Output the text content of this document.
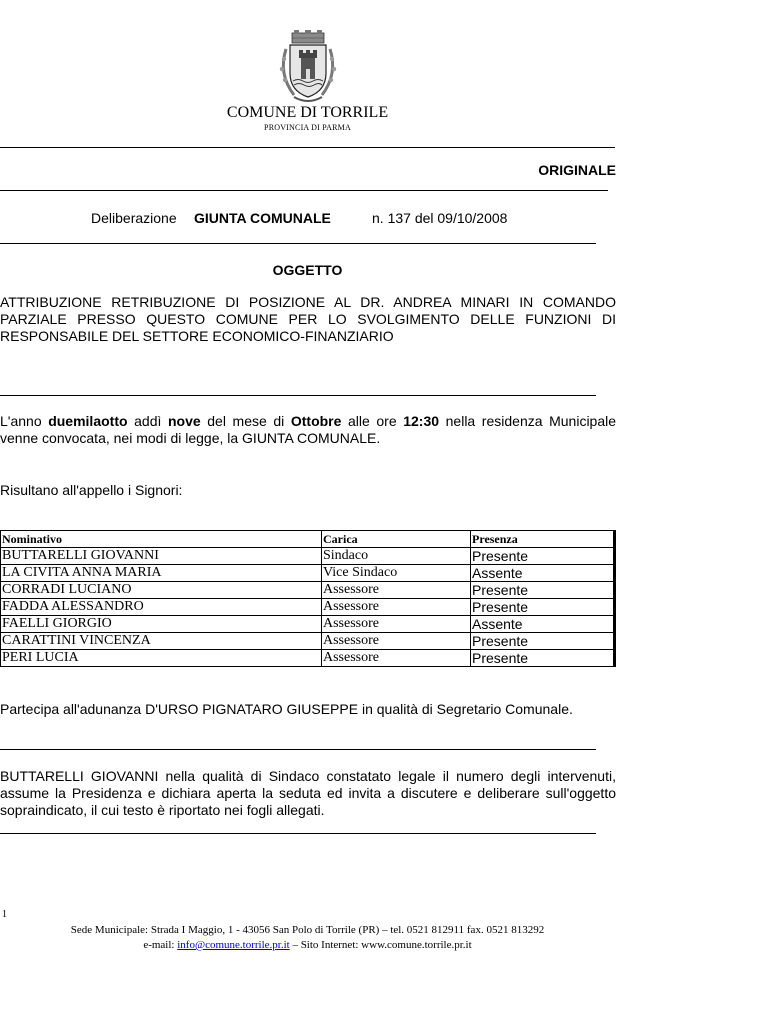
COMUNE DI TORRILE
PROVINCIA DI PARMA
ORIGINALE
Deliberazione GIUNTA COMUNALE	n. 137 del 09/10/2008
OGGETTO
ATTRIBUZIONE RETRIBUZIONE DI POSIZIONE AL DR. ANDREA MINARI IN COMANDO PARZIALE PRESSO QUESTO COMUNE PER LO SVOLGIMENTO DELLE FUNZIONI DI RESPONSABILE DEL SETTORE ECONOMICO-FINANZIARIO
L'anno duemilaotto addì nove del mese di Ottobre alle ore 12:30 nella residenza Municipale venne convocata, nei modi di legge, la GIUNTA COMUNALE.
Risultano all'appello i Signori:
Nominativo	Carica	Presenza
BUTTARELLI GIOVANNI	Sindaco	Presente
LA CIVITA ANNA MARIA	Vice Sindaco	Assente
CORRADI LUCIANO	Assessore	Presente
FADDA ALESSANDRO	Assessore	Presente
FAELLI GIORGIO	Assessore	Assente
CARATTINI VINCENZA	Assessore	Presente
PERI LUCIA	Assessore	Presente
Partecipa all'adunanza D'URSO PIGNATARO GIUSEPPE in qualità di Segretario Comunale.
BUTTARELLI GIOVANNI nella qualità di Sindaco constatato legale il numero degli intervenuti, assume la Presidenza e dichiara aperta la seduta ed invita a discutere e deliberare sull'oggetto sopraindicato, il cui testo è riportato nei fogli allegati.
1
Sede Municipale: Strada I Maggio, 1 - 43056 San Polo di Torrile (PR) – tel. 0521 812911 fax. 0521 813292
e-mail: info@comune.torrile.pr.it – Sito Internet: www.comune.torrile.pr.it
